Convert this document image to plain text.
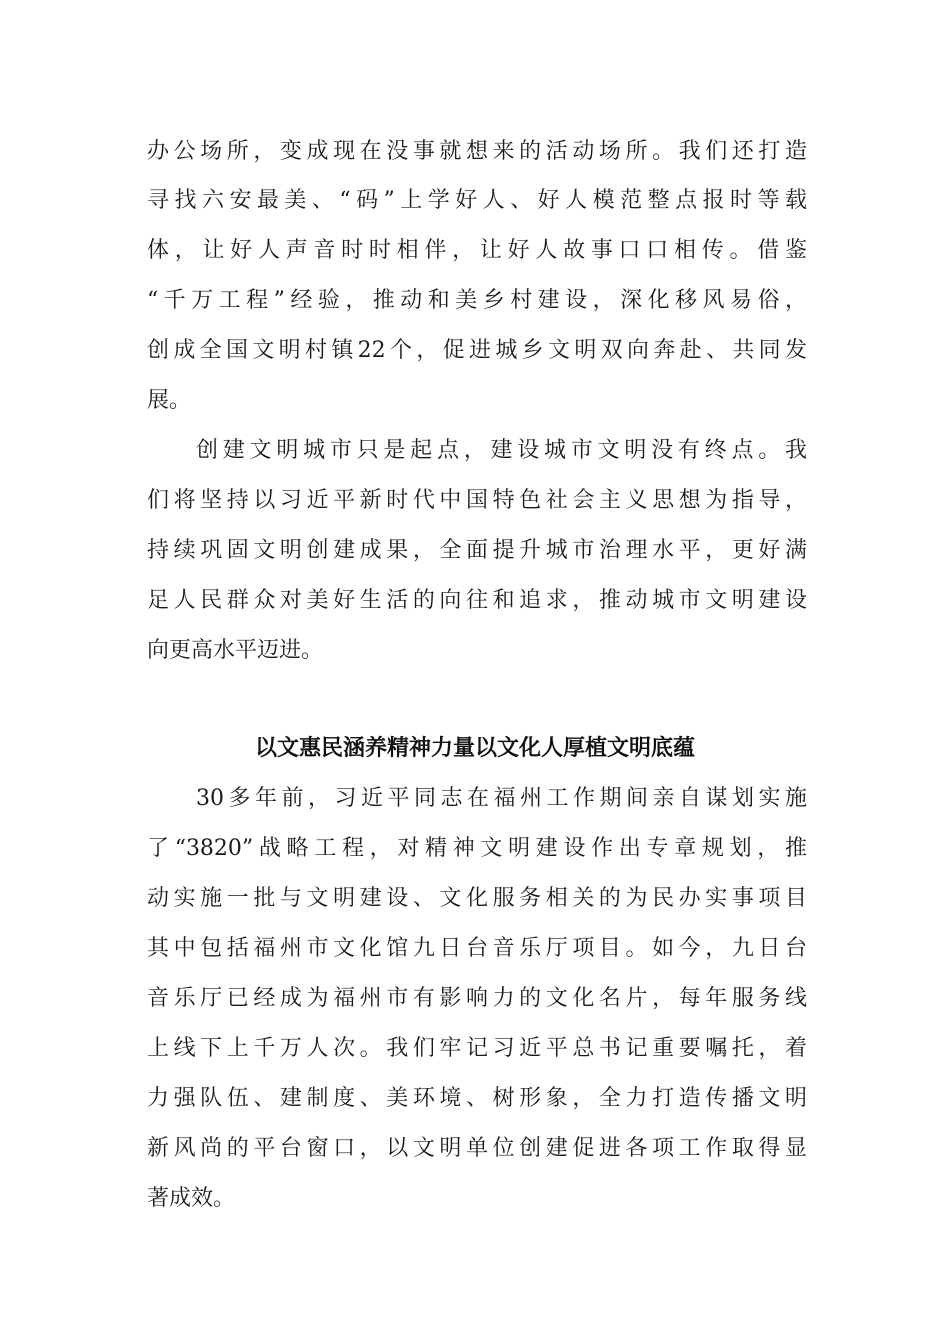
办公场所，变成现在没事就想来的活动场所。我们还打造
寻找六安最美、“码”上学好人、好人模范整点报时等载
体，让好人声音时时相伴，让好人故事口口相传。借鉴
“千万工程”经验，推动和美乡村建设，深化移风易俗，
创成全国文明村镇22个，促进城乡文明双向奔赴、共同发
展。
创建文明城市只是起点，建设城市文明没有终点。我
们将坚持以习近平新时代中国特色社会主义思想为指导，
持续巩固文明创建成果，全面提升城市治理水平，更好满
足人民群众对美好生活的向往和追求，推动城市文明建设
向更高水平迈进。
以文惠民涵养精神力量以文化人厚植文明底蕴
30多年前，习近平同志在福州工作期间亲自谋划实施
了“3820”战略工程，对精神文明建设作出专章规划，推
动实施一批与文明建设、文化服务相关的为民办实事项目
其中包括福州市文化馆九日台音乐厅项目。如今，九日台
音乐厅已经成为福州市有影响力的文化名片，每年服务线
上线下上千万人次。我们牢记习近平总书记重要嘱托，着
力强队伍、建制度、美环境、树形象，全力打造传播文明
新风尚的平台窗口，以文明单位创建促进各项工作取得显
著成效。
